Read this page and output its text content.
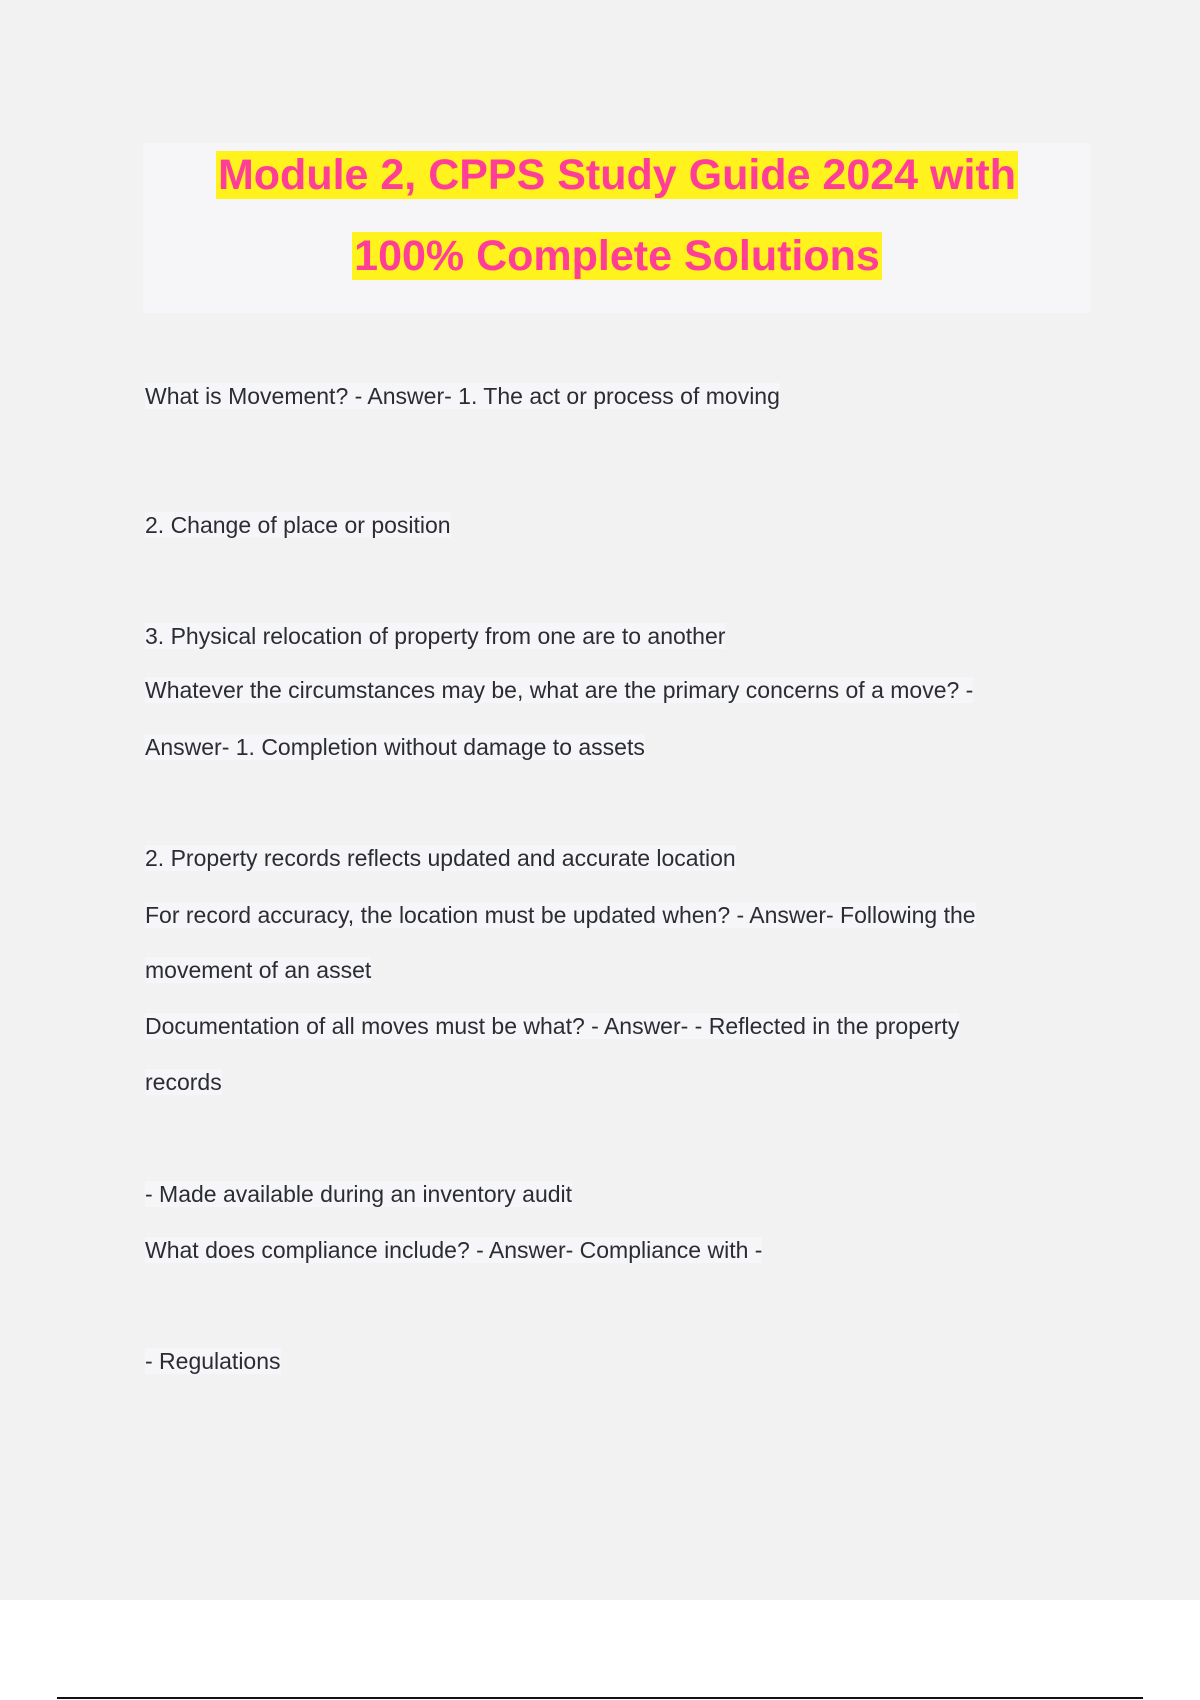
Module 2, CPPS Study Guide 2024 with
100% Complete Solutions
What is Movement? - Answer- 1. The act or process of moving
2. Change of place or position
3. Physical relocation of property from one are to another
Whatever the circumstances may be, what are the primary concerns of a move? -
Answer- 1. Completion without damage to assets
2. Property records reflects updated and accurate location
For record accuracy, the location must be updated when? - Answer- Following the
movement of an asset
Documentation of all moves must be what? - Answer- - Reflected in the property
records
- Made available during an inventory audit
What does compliance include? - Answer- Compliance with -
- Regulations
